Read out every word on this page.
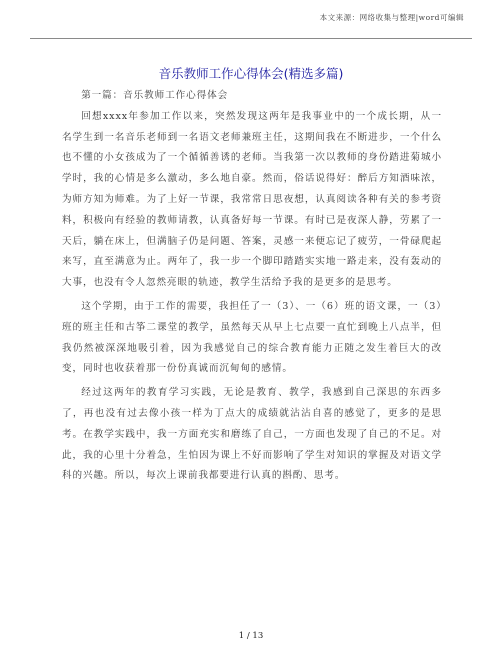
本文来源：网络收集与整理|word可编辑
音乐教师工作心得体会(精选多篇)

第一篇：音乐教师工作心得体会

回想xxxx年参加工作以来，突然发现这两年是我事业中的一个成长期，从一名学生到一名音乐老师到一名语文老师兼班主任，这期间我在不断进步，一个什么也不懂的小女孩成为了一个循循善诱的老师。当我第一次以教师的身份踏进菊城小学时，我的心情是多么激动，多么地自豪。然而，俗话说得好：醉后方知酒味浓，为师方知为师难。为了上好一节课，我常常日思夜想，认真阅读各种有关的参考资料，积极向有经验的教师请教，认真备好每一节课。有时已是夜深人静，劳累了一天后，躺在床上，但满脑子仍是问题、答案，灵感一来便忘记了疲劳，一骨碌爬起来写，直至满意为止。两年了，我一步一个脚印踏踏实实地一路走来，没有轰动的大事，也没有令人忽然亮眼的轨迹，教学生活给予我的是更多的是思考。

这个学期，由于工作的需要，我担任了一（3）、一（6）班的语文课，一（3）班的班主任和古筝二课堂的教学，虽然每天从早上七点要一直忙到晚上八点半，但我仍然被深深地吸引着，因为我感觉自己的综合教育能力正随之发生着巨大的改变，同时也收获着那一份份真诚而沉甸甸的感情。

经过这两年的教育学习实践，无论是教育、教学，我感到自己深思的东西多了，再也没有过去像小孩一样为丁点大的成绩就沾沾自喜的感觉了，更多的是思考。在教学实践中，我一方面充实和磨练了自己，一方面也发现了自己的不足。对此，我的心里十分着急，生怕因为课上不好而影响了学生对知识的掌握及对语文学科的兴趣。所以，每次上课前我都要进行认真的斟酌、思考。

1 / 13
